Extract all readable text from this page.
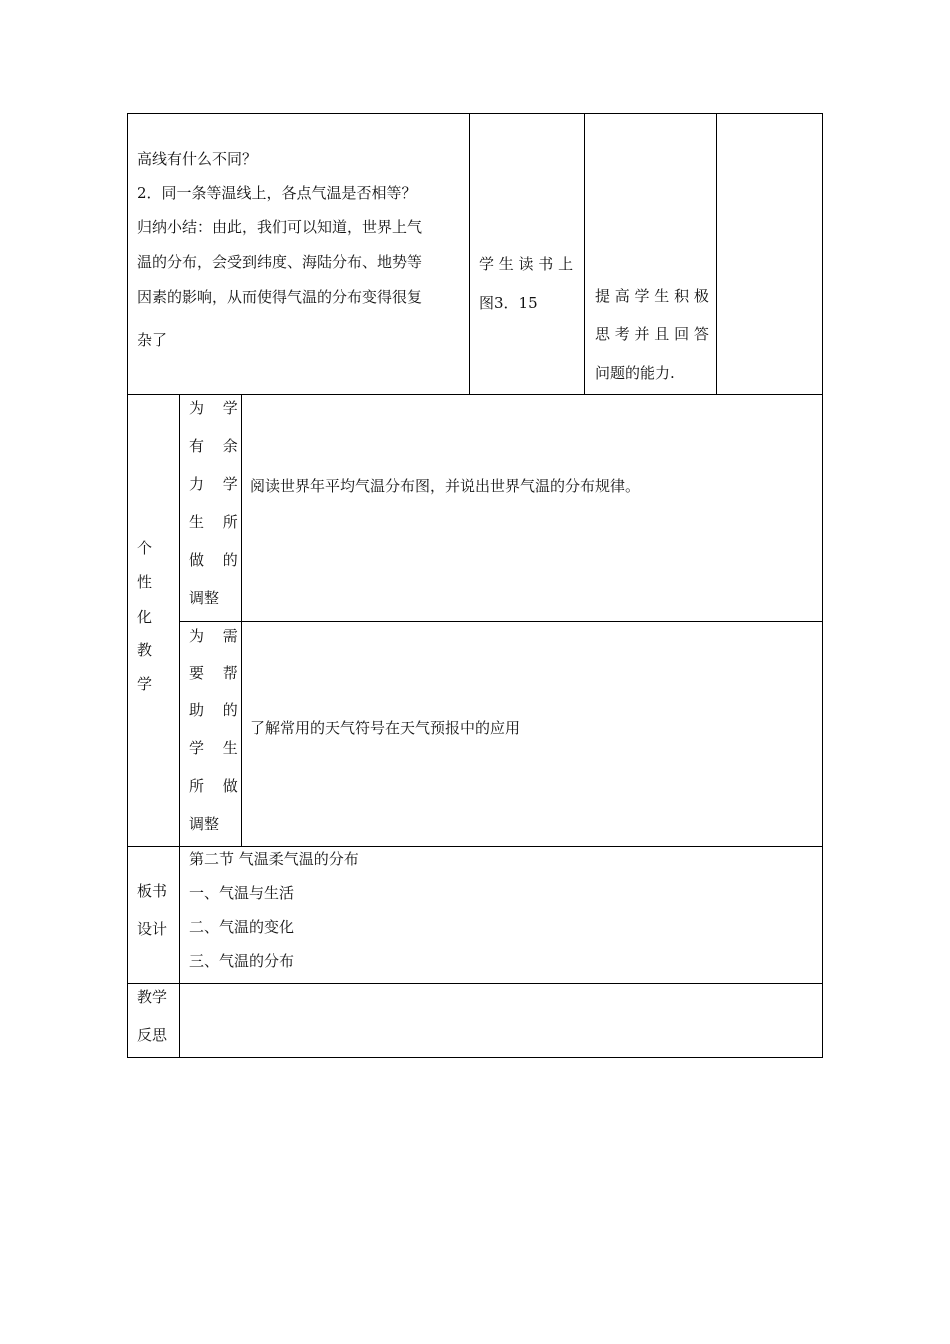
高线有什么不同？
2．同一条等温线上，各点气温是否相等？
归纳小结：由此，我们可以知道，世界上气
温的分布，会受到纬度、海陆分布、地势等
因素的影响，从而使得气温的分布变得很复
杂了
学 生 读 书 上
图3．15	提 高 学 生 积 极
思 考 并 且 回 答
问题的能力.
个
性
化
教
学
为 学
有 余
力 学
生 所
做 的
调整
阅读世界年平均气温分布图，并说出世界气温的分布规律。
为 需
要 帮
助 的
学 生
所 做
调整
了解常用的天气符号在天气预报中的应用
板书
设计
第二节 气温柔气温的分布
一、气温与生活
二、气温的变化
三、气温的分布
教学
反思
